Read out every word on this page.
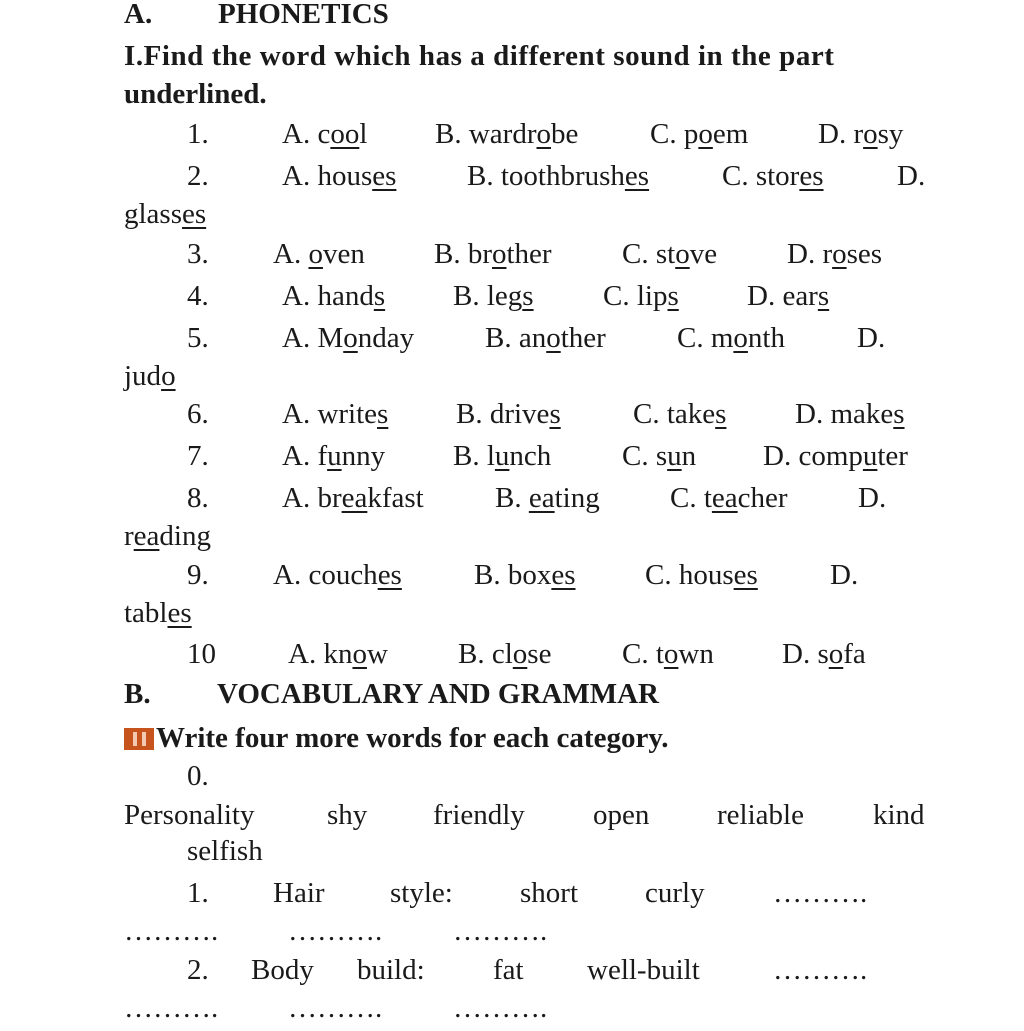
A. PHONETICS
I.Find the word which has a different sound in the part
underlined.
1.	A. cool B. wardrobe C. poem D. rosy
2.	A. houses B. toothbrushes	C. stores	D.
glasses
3. A. oven B. brother C. stove D. roses
4.	A. hands B. legs C. lips D. ears
5.	A. Monday B. another C. month D.
judo
6.	A. writes B. drives C. takes D. makes
7.	A. funny B. lunch C. sun D. computer
8.	A. breakfast B. eating C. teacher D.
reading
9. A. couches B. boxes C. houses D.
tables
10 A. know B. close C. town D. sofa
B. VOCABULARY AND GRAMMAR
Write four more words for each category.
0.
Personality	shy friendly open reliable kind
selfish
1. Hair style: short curly ……….
………. ………. ……….
2. Body build: fat well-built	……….
………. ………. ……….
